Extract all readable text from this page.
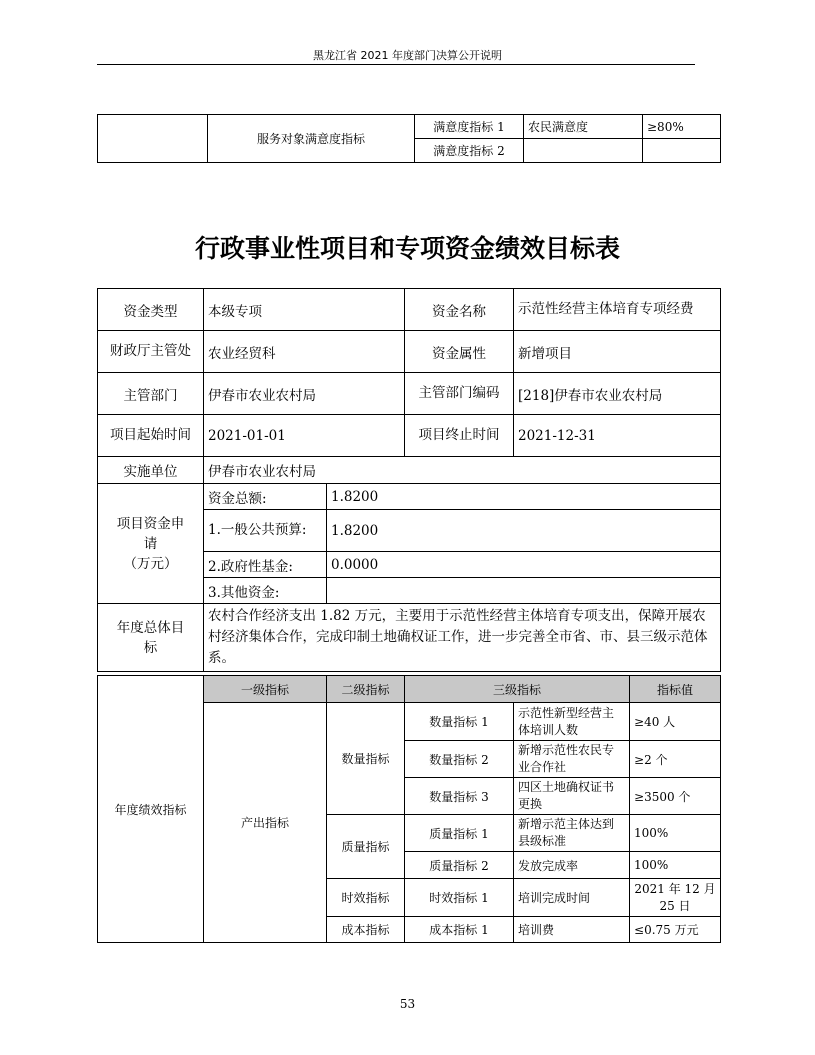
黑龙江省 2021 年度部门决算公开说明
	服务对象满意度指标	满意度指标 1	农民满意度	≥80%
		满意度指标 2		
行政事业性项目和专项资金绩效目标表
资金类型	本级专项		资金名称	示范性经营主体培育专项经费
财政厅主管处	农业经贸科		资金属性	新增项目
主管部门	伊春市农业农村局		主管部门编码	[218]伊春市农业农村局
项目起始时间	2021-01-01		项目终止时间	2021-12-31
实施单位	伊春市农业农村局			
项目资金申
请
（万元）	资金总额:	1.8200		
	1.一般公共预算:	1.8200		
	2.政府性基金:	0.0000		
	3.其他资金:			
年度总体目
标	农村合作经济支出 1.82 万元，主要用于示范性经营主体培育专项支出，保障开展农村经济集体合作，完成印制土地确权证工作，进一步完善全市省、市、县三级示范体系。			
年度绩效指标	一级指标	二级指标	三级指标		指标值
	产出指标	数量指标	数量指标 1	示范性新型经营主体培训人数	≥40 人
			数量指标 2	新增示范性农民专业合作社	≥2 个
			数量指标 3	四区土地确权证书更换	≥3500 个
		质量指标	质量指标 1	新增示范主体达到县级标准	100%
			质量指标 2	发放完成率	100%
		时效指标	时效指标 1	培训完成时间	2021 年 12 月 25 日
		成本指标	成本指标 1	培训费	≤0.75 万元
53
